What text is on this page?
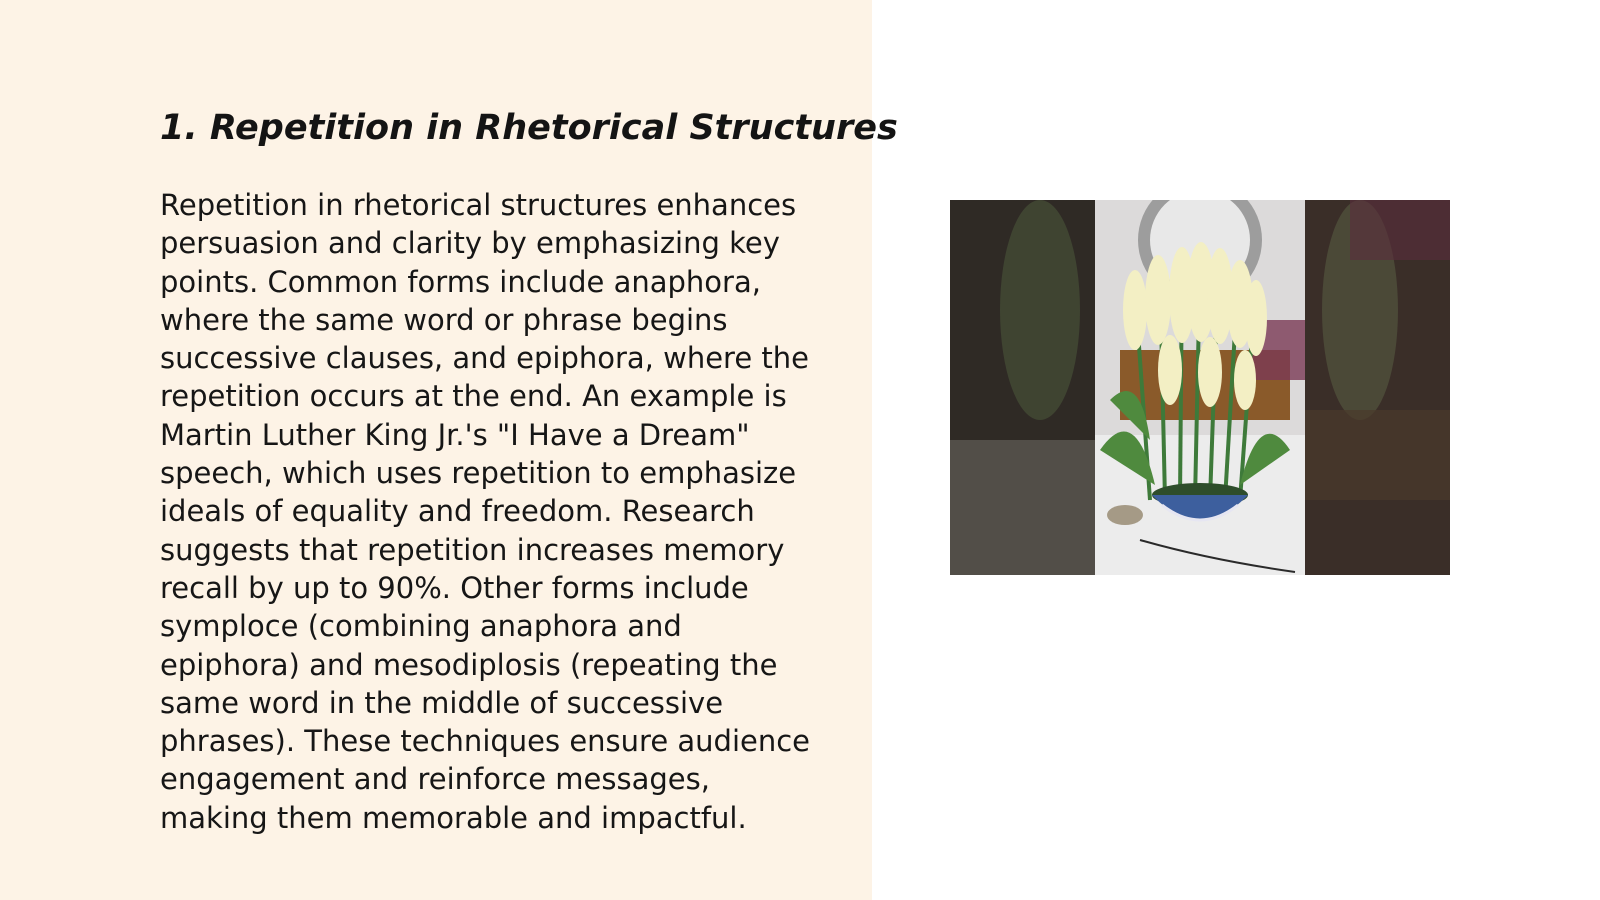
1. Repetition in Rhetorical Structures

Repetition in rhetorical structures enhances
persuasion and clarity by emphasizing key
points. Common forms include anaphora,
where the same word or phrase begins
successive clauses, and epiphora, where the
repetition occurs at the end. An example is
Martin Luther King Jr.'s "I Have a Dream"
speech, which uses repetition to emphasize
ideals of equality and freedom. Research
suggests that repetition increases memory
recall by up to 90%. Other forms include
symploce (combining anaphora and
epiphora) and mesodiplosis (repeating the
same word in the middle of successive
phrases). These techniques ensure audience
engagement and reinforce messages,
making them memorable and impactful.
